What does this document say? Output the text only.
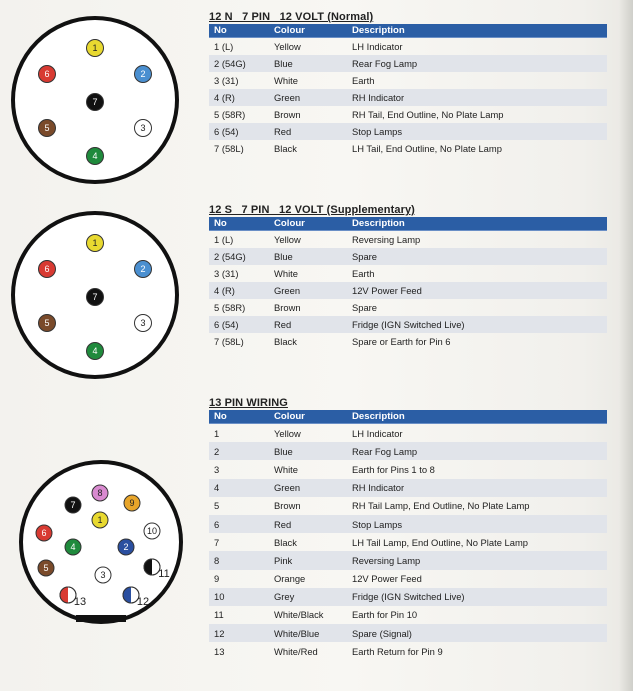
1
2
3
4
5
6
7
1
2
3
4
5
6
7
1
2
3
4
5
6
7
8
9
10
11
12
13
12 N   7 PIN   12 VOLT (Normal)
No	Colour	Description
1 (L)	Yellow	LH Indicator
2 (54G)	Blue	Rear Fog Lamp
3 (31)	White	Earth
4 (R)	Green	RH Indicator
5 (58R)	Brown	RH Tail, End Outline, No Plate Lamp
6 (54)	Red	Stop Lamps
7 (58L)	Black	LH Tail, End Outline, No Plate Lamp
12 S   7 PIN   12 VOLT (Supplementary)
No	Colour	Description
1 (L)	Yellow	Reversing Lamp
2 (54G)	Blue	Spare
3 (31)	White	Earth
4 (R)	Green	12V Power Feed
5 (58R)	Brown	Spare
6 (54)	Red	Fridge (IGN Switched Live)
7 (58L)	Black	Spare or Earth for Pin 6
13 PIN WIRING
No	Colour	Description
1	Yellow	LH Indicator
2	Blue	Rear Fog Lamp
3	White	Earth for Pins 1 to 8
4	Green	RH Indicator
5	Brown	RH Tail Lamp, End Outline, No Plate Lamp
6	Red	Stop Lamps
7	Black	LH Tail Lamp, End Outline, No Plate Lamp
8	Pink	Reversing Lamp
9	Orange	12V Power Feed
10	Grey	Fridge (IGN Switched Live)
11	White/Black	Earth for Pin 10
12	White/Blue	Spare (Signal)
13	White/Red	Earth Return for Pin 9
